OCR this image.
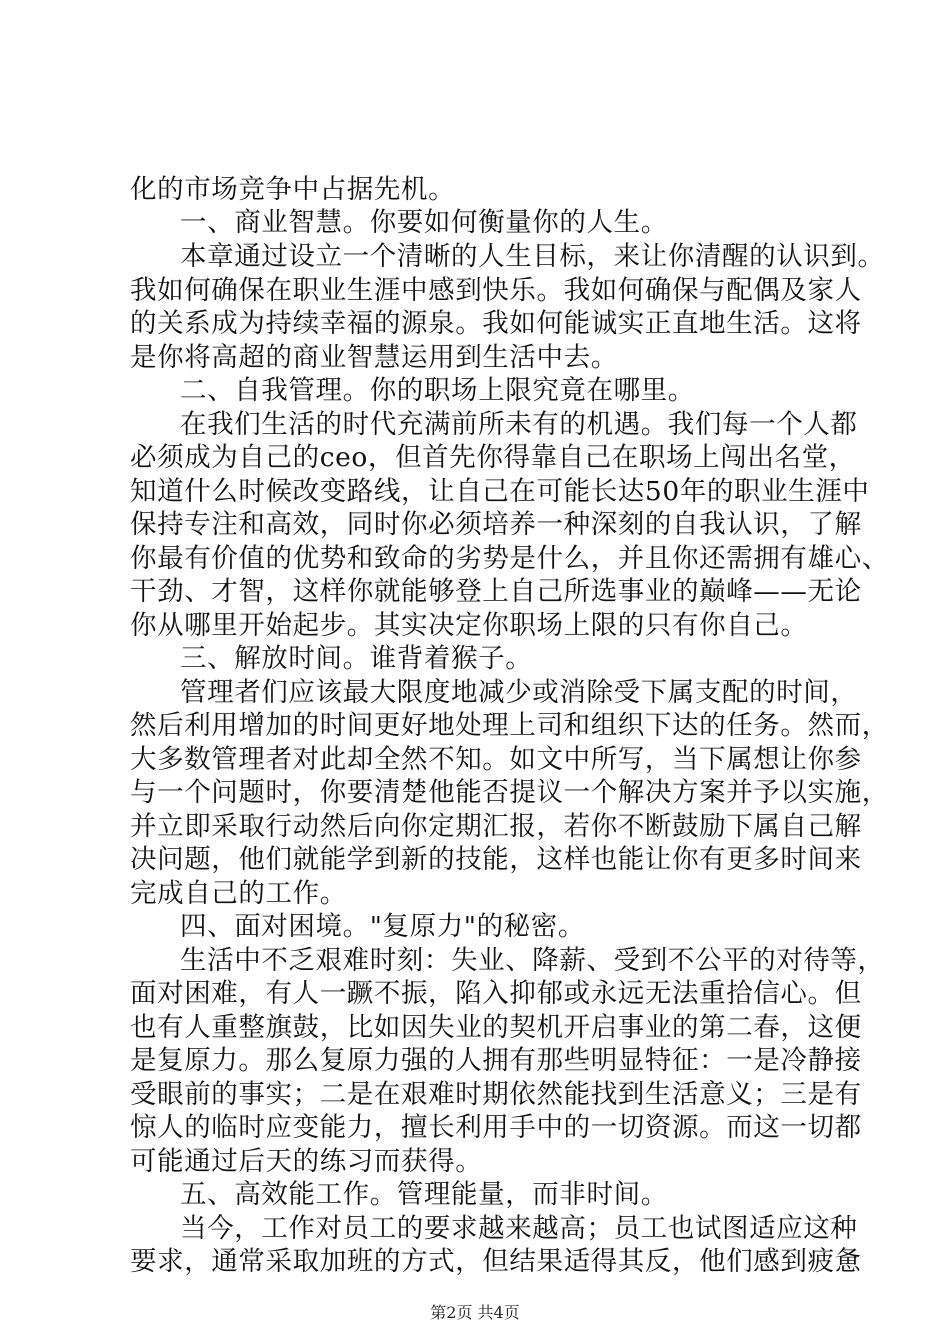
化的市场竞争中占据先机。
一、商业智慧。你要如何衡量你的人生。
本章通过设立一个清晰的人生目标，来让你清醒的认识到。
我如何确保在职业生涯中感到快乐。我如何确保与配偶及家人
的关系成为持续幸福的源泉。我如何能诚实正直地生活。这将
是你将高超的商业智慧运用到生活中去。
二、自我管理。你的职场上限究竟在哪里。
在我们生活的时代充满前所未有的机遇。我们每一个人都
必须成为自己的ceo，但首先你得靠自己在职场上闯出名堂，
知道什么时候改变路线，让自己在可能长达50年的职业生涯中
保持专注和高效，同时你必须培养一种深刻的自我认识，了解
你最有价值的优势和致命的劣势是什么，并且你还需拥有雄心、
干劲、才智，这样你就能够登上自己所选事业的巅峰——无论
你从哪里开始起步。其实决定你职场上限的只有你自己。
三、解放时间。谁背着猴子。
管理者们应该最大限度地减少或消除受下属支配的时间，
然后利用增加的时间更好地处理上司和组织下达的任务。然而，
大多数管理者对此却全然不知。如文中所写，当下属想让你参
与一个问题时，你要清楚他能否提议一个解决方案并予以实施，
并立即采取行动然后向你定期汇报，若你不断鼓励下属自己解
决问题，他们就能学到新的技能，这样也能让你有更多时间来
完成自己的工作。
四、面对困境。"复原力"的秘密。
生活中不乏艰难时刻：失业、降薪、受到不公平的对待等，
面对困难，有人一蹶不振，陷入抑郁或永远无法重拾信心。但
也有人重整旗鼓，比如因失业的契机开启事业的第二春，这便
是复原力。那么复原力强的人拥有那些明显特征：一是冷静接
受眼前的事实；二是在艰难时期依然能找到生活意义；三是有
惊人的临时应变能力，擅长利用手中的一切资源。而这一切都
可能通过后天的练习而获得。
五、高效能工作。管理能量，而非时间。
当今，工作对员工的要求越来越高；员工也试图适应这种
要求，通常采取加班的方式，但结果适得其反，他们感到疲惫
第2页 共4页
